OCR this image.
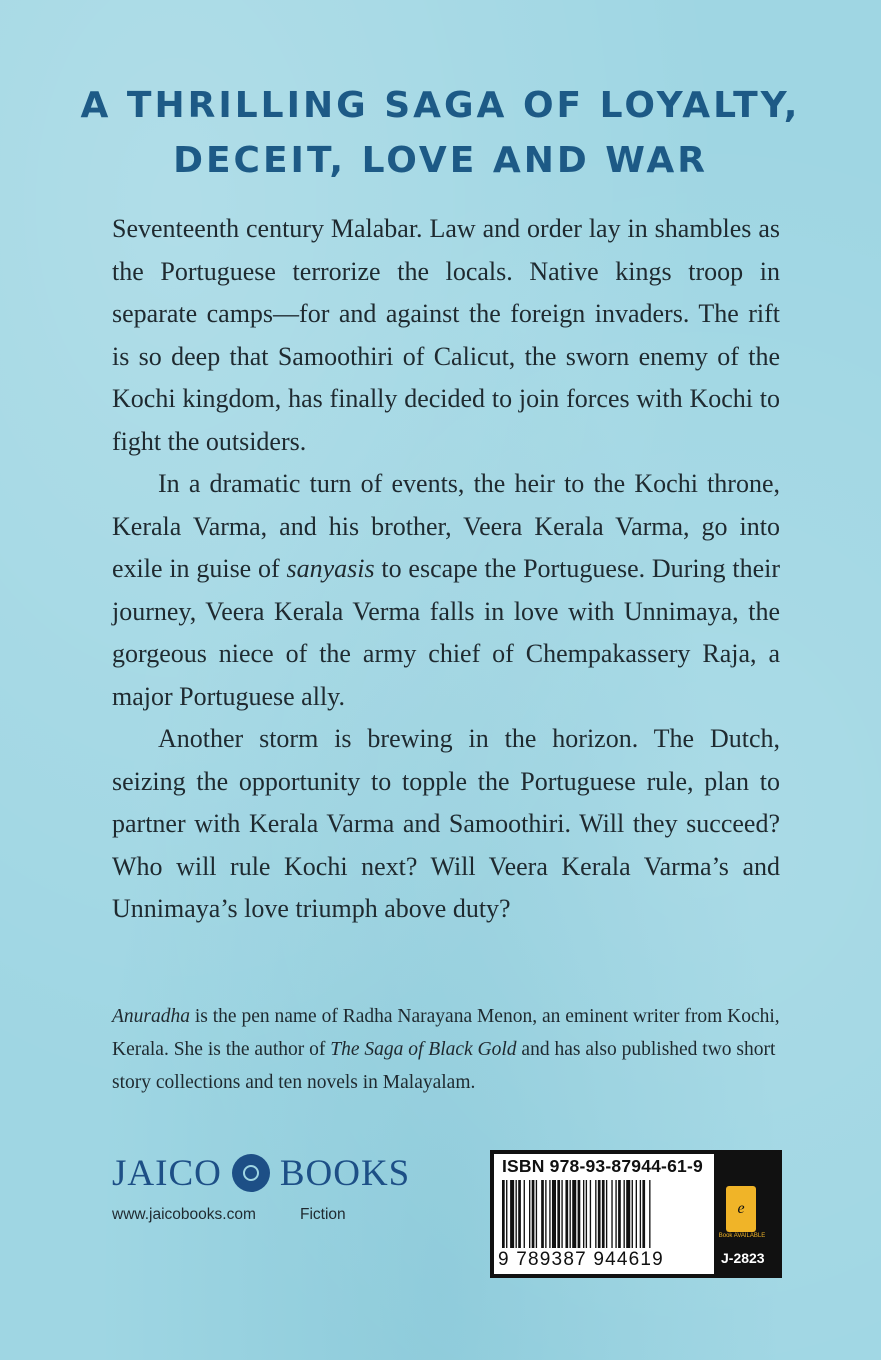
A THRILLING SAGA OF LOYALTY,
DECEIT, LOVE AND WAR

Seventeenth century Malabar. Law and order lay in shambles as the Portuguese terrorize the locals. Native kings troop in separate camps—for and against the foreign invaders. The rift is so deep that Samoothiri of Calicut, the sworn enemy of the Kochi kingdom, has finally decided to join forces with Kochi to fight the outsiders.

In a dramatic turn of events, the heir to the Kochi throne, Kerala Varma, and his brother, Veera Kerala Varma, go into exile in guise of sanyasis to escape the Portuguese. During their journey, Veera Kerala Verma falls in love with Unnimaya, the gorgeous niece of the army chief of Chempakassery Raja, a major Portuguese ally.

Another storm is brewing in the horizon. The Dutch, seizing the opportunity to topple the Portuguese rule, plan to partner with Kerala Varma and Samoothiri. Will they succeed? Who will rule Kochi next? Will Veera Kerala Varma’s and Unnimaya’s love triumph above duty?

Anuradha is the pen name of Radha Narayana Menon, an eminent writer from Kochi, Kerala. She is the author of The Saga of Black Gold and has also published two short story collections and ten novels in Malayalam.
JAICO BOOKS
www.jaicobooks.com	Fiction
ISBN 978-93-87944-61-9
9 789387 944619
e
Book AVAILABLE
J-2823
